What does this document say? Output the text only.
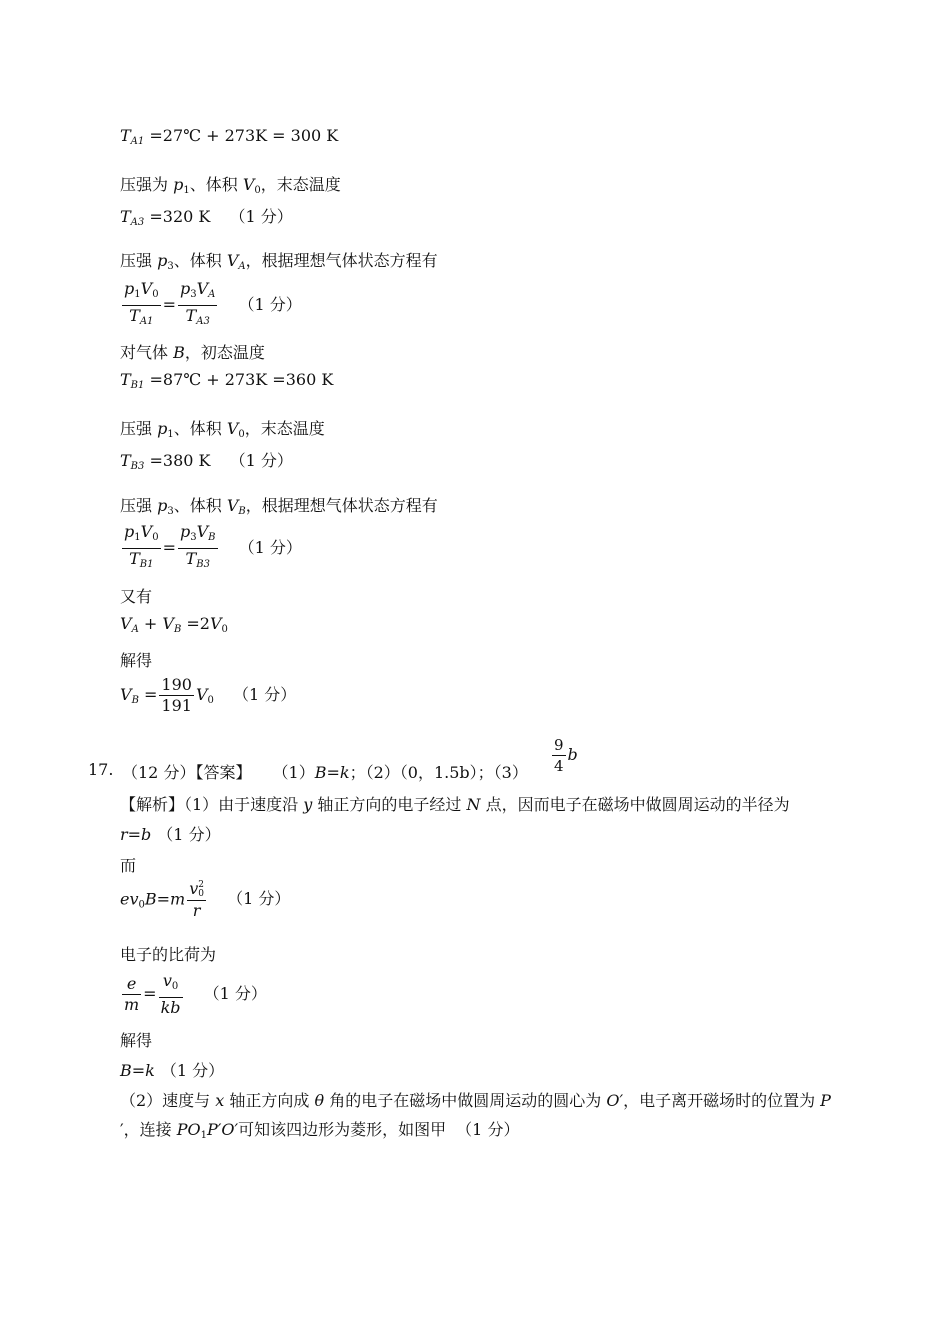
$T_{A1}$ =27℃ + 273K = 300 K
压强为 p1、体积 V0，末态温度
$T_{A3} =320$ K （1 分）
压强 p3、体积 $V_A$，根据理想气体状态方程有
$\frac{p1V0}{T_{A1}} = \frac{p3V_A}{T_{A3}} (1$ 分）
对气体 B，初态温度
$T_{B1}$ =87℃ + 273K =360 K
压强 p1、体积 V0，末态温度
$T_{B3} =380$ K （1 分）
压强 p3、体积 $V_B$，根据理想气体状态方程有
$\frac{p1V0}{T_{B1}} = \frac{p3V_B}{T_{B3}} (1$ 分）
又有
$V_A + V_B =2V0$
解得
$V_B = \frac{190}{191} V0$ （1 分）
17. （12 分）【答案】 （1）B=k；（2）（0，1.5b）；$(3) \frac{9}{4}$ b
【解析】（1）由于速度沿 y 轴正方向的电子经过 N 点，因而电子在磁场中做圆周运动的半径为
r=b （1 分）
而
ev0B=m v 2
0
r （1 分）
电子的比荷为
$\frac{e}{m} = \frac{v0}{kb} (1$ 分）
解得
B=k （1 分）
（2）速度与 x 轴正方向成 θ 角的电子在磁场中做圆周运动的圆心为 O′，电子离开磁场时的位置为 P
′，连接 PO1P′O′可知该四边形为菱形，如图甲 （1 分）
